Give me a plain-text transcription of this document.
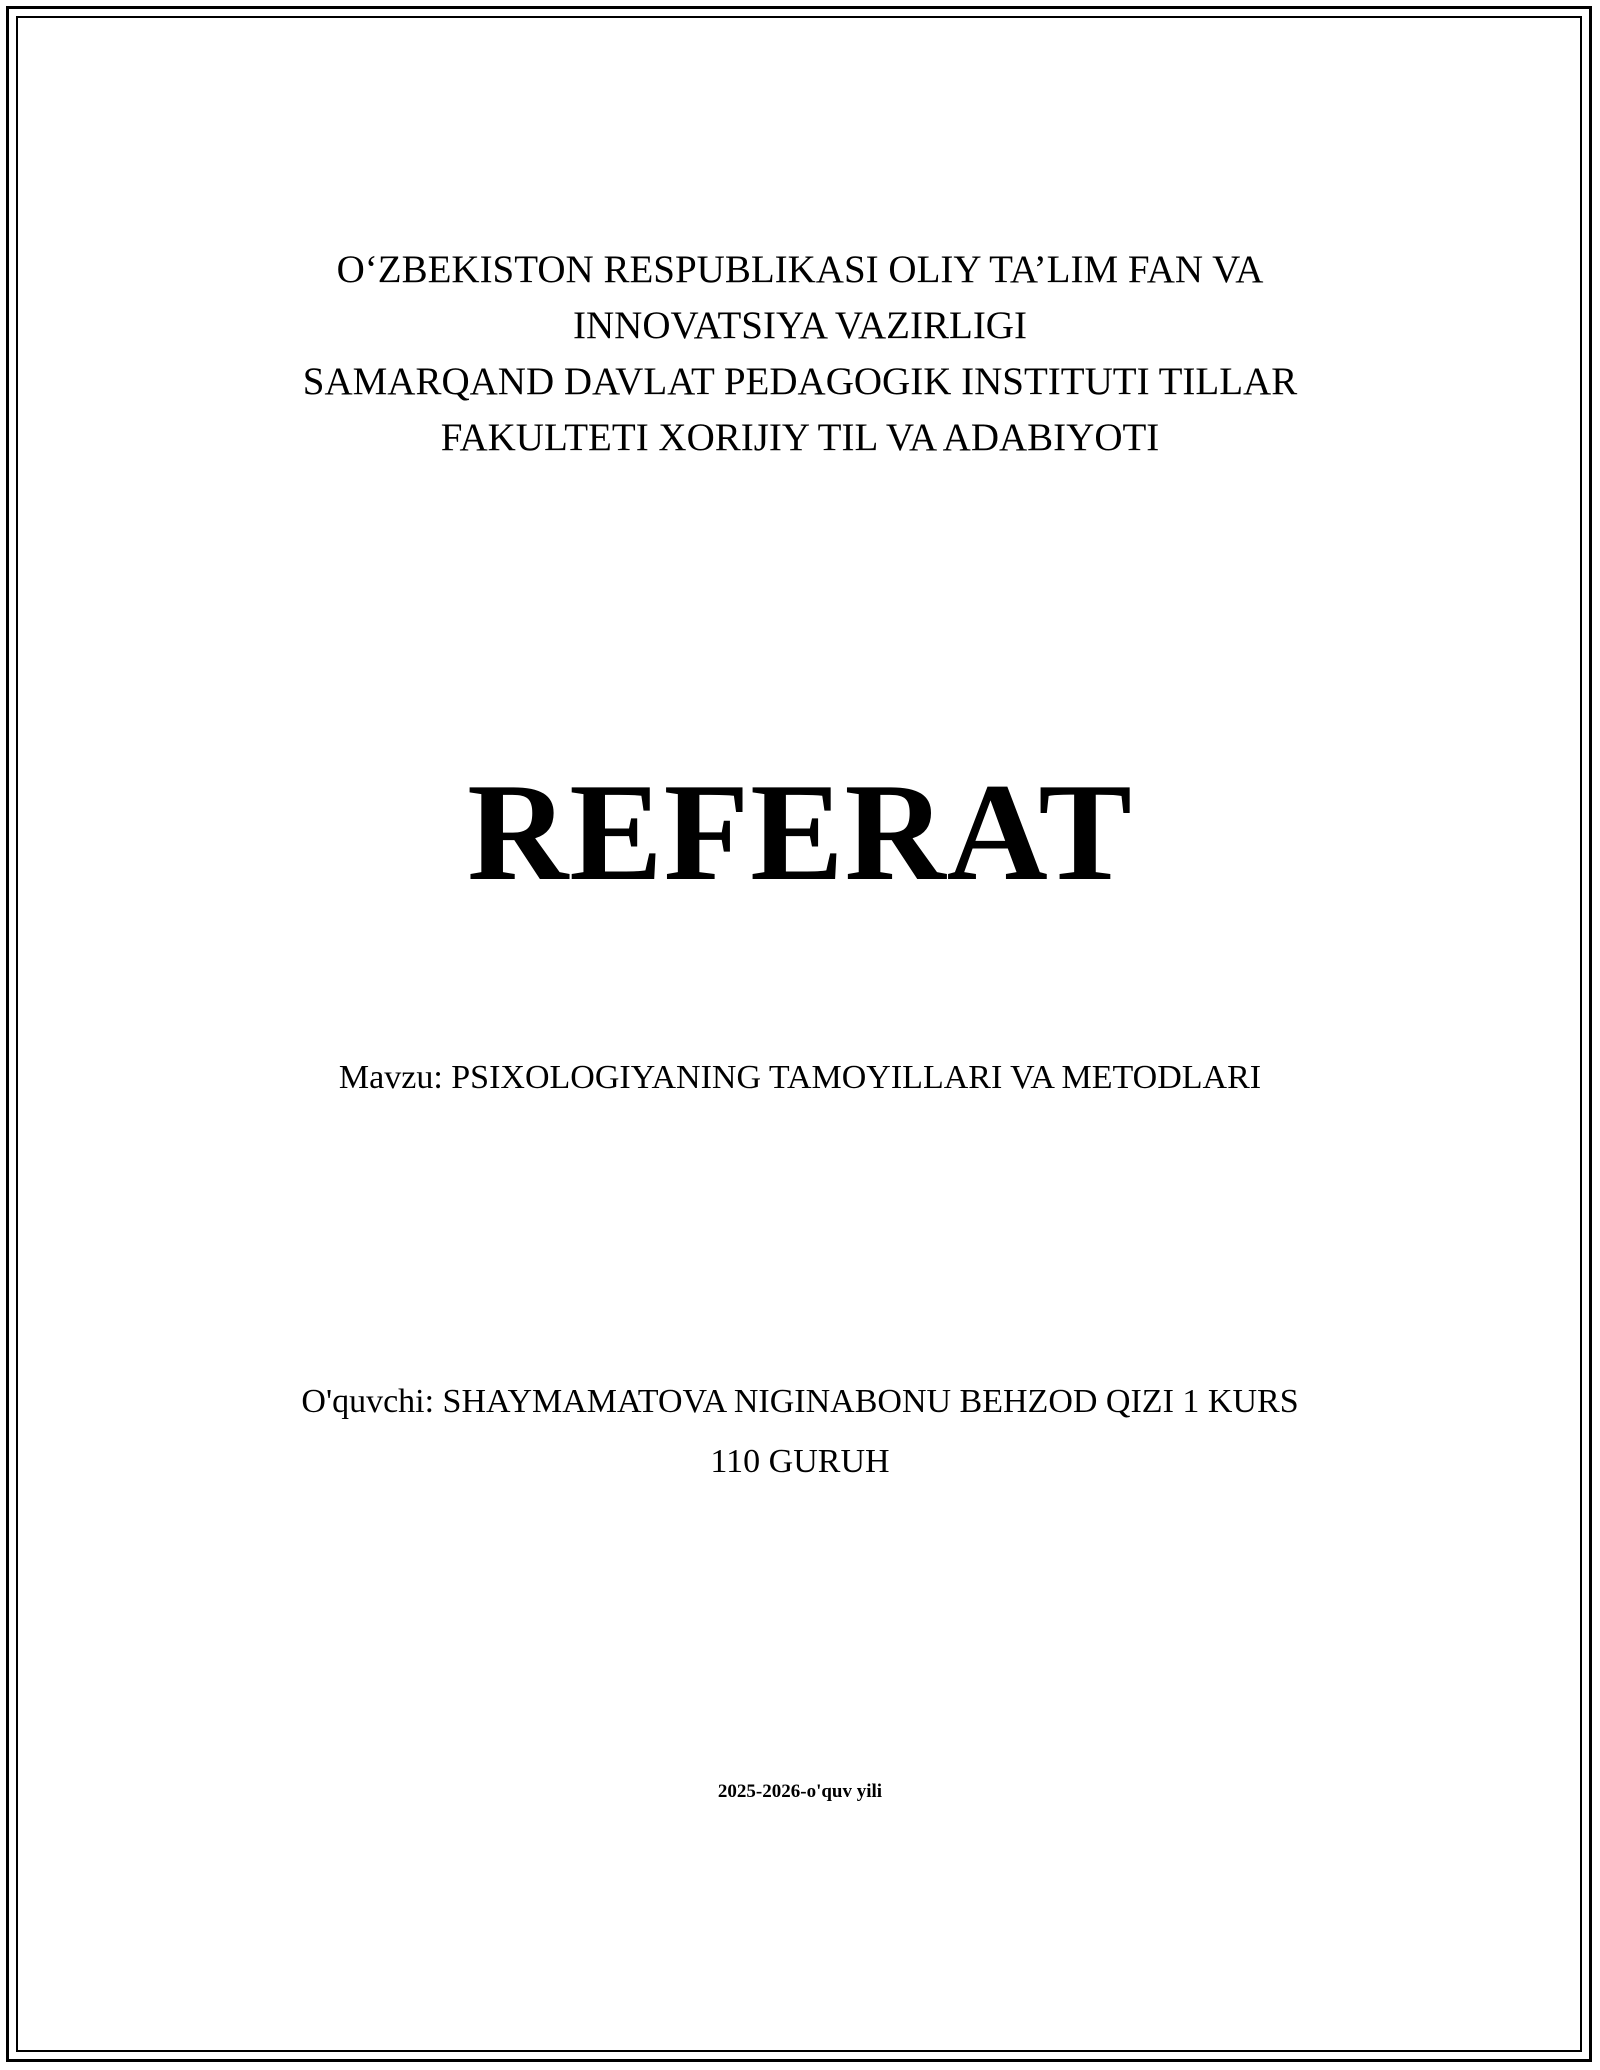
O‘ZBEKISTON RESPUBLIKASI OLIY TA’LIM FAN VA
INNOVATSIYA VAZIRLIGI
SAMARQAND DAVLAT PEDAGOGIK INSTITUTI TILLAR
FAKULTETI XORIJIY TIL VA ADABIYOTI
REFERAT
Mavzu: PSIXOLOGIYANING TAMOYILLARI VA METODLARI
O'quvchi: SHAYMAMATOVA NIGINABONU BEHZOD QIZI 1 KURS
110 GURUH
2025-2026-o'quv yili
